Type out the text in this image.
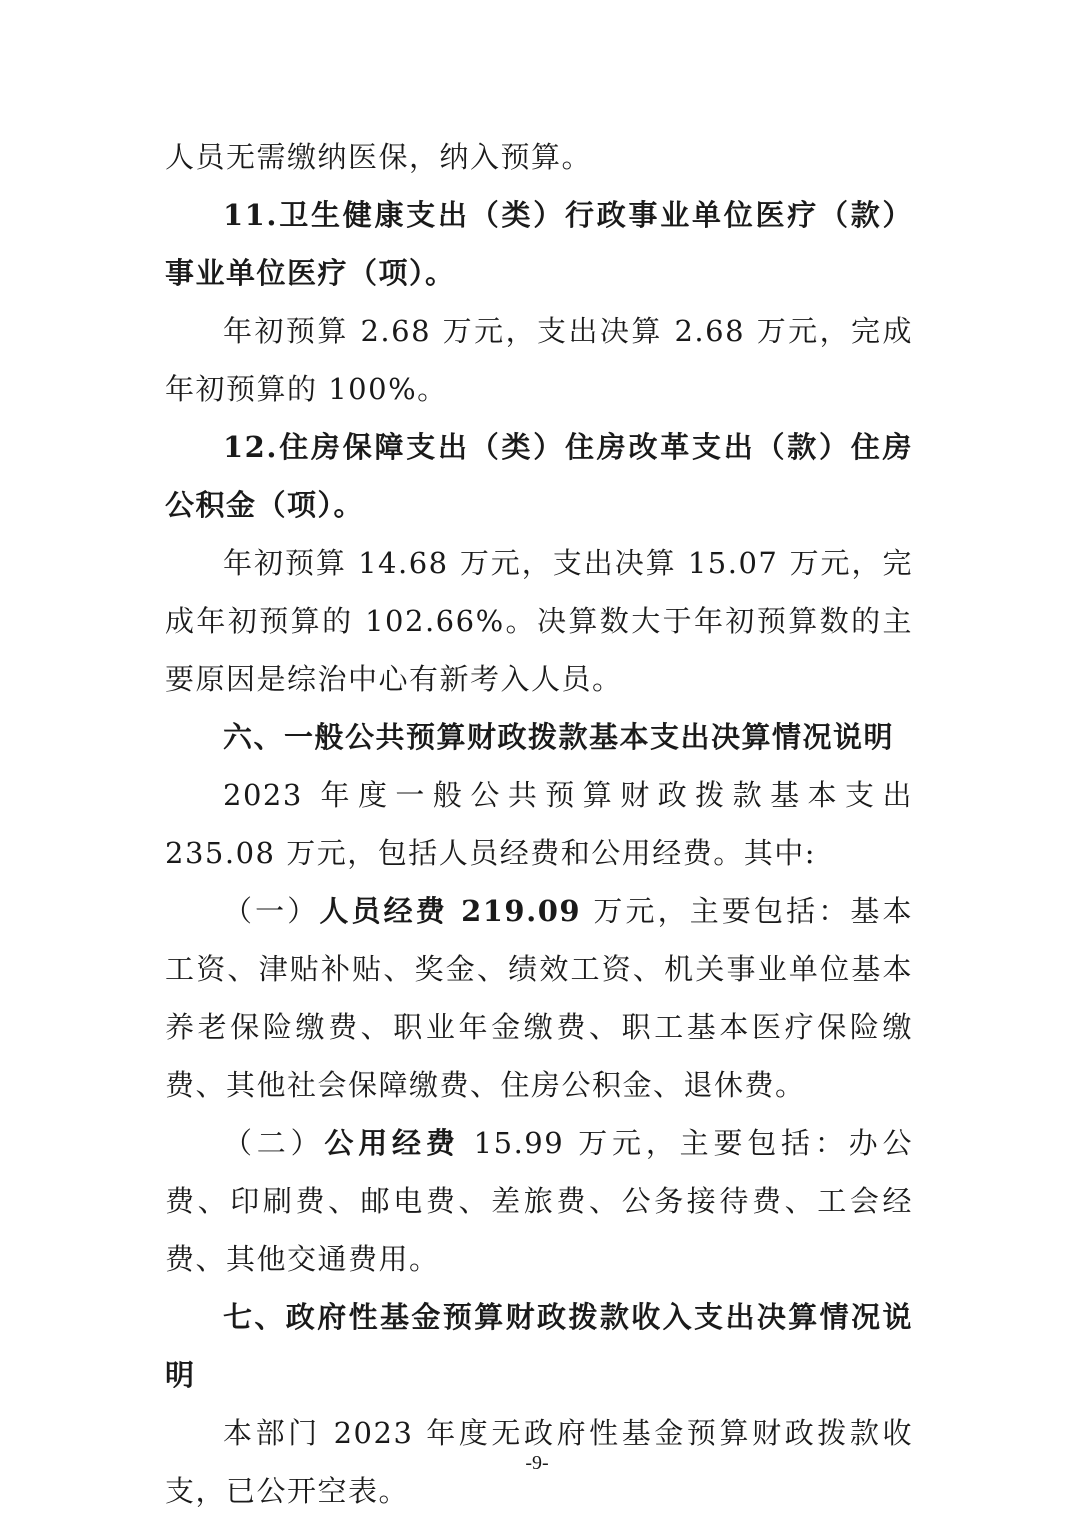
人员无需缴纳医保，纳入预算。

11.卫生健康支出（类）行政事业单位医疗（款）事业单位医疗（项）。

年初预算 2.68 万元，支出决算 2.68 万元，完成年初预算的 100%。

12.住房保障支出（类）住房改革支出（款）住房公积金（项）。

年初预算 14.68 万元，支出决算 15.07 万元，完成年初预算的 102.66%。决算数大于年初预算数的主要原因是综治中心有新考入人员。

六、一般公共预算财政拨款基本支出决算情况说明

2023 年度一般公共预算财政拨款基本支出 235.08 万元，包括人员经费和公用经费。其中:

（一）人员经费 219.09 万元，主要包括：基本工资、津贴补贴、奖金、绩效工资、机关事业单位基本养老保险缴费、职业年金缴费、职工基本医疗保险缴费、其他社会保障缴费、住房公积金、退休费。

（二）公用经费 15.99 万元，主要包括：办公费、印刷费、邮电费、差旅费、公务接待费、工会经费、其他交通费用。

七、政府性基金预算财政拨款收入支出决算情况说明

本部门 2023 年度无政府性基金预算财政拨款收支，已公开空表。

-9-
